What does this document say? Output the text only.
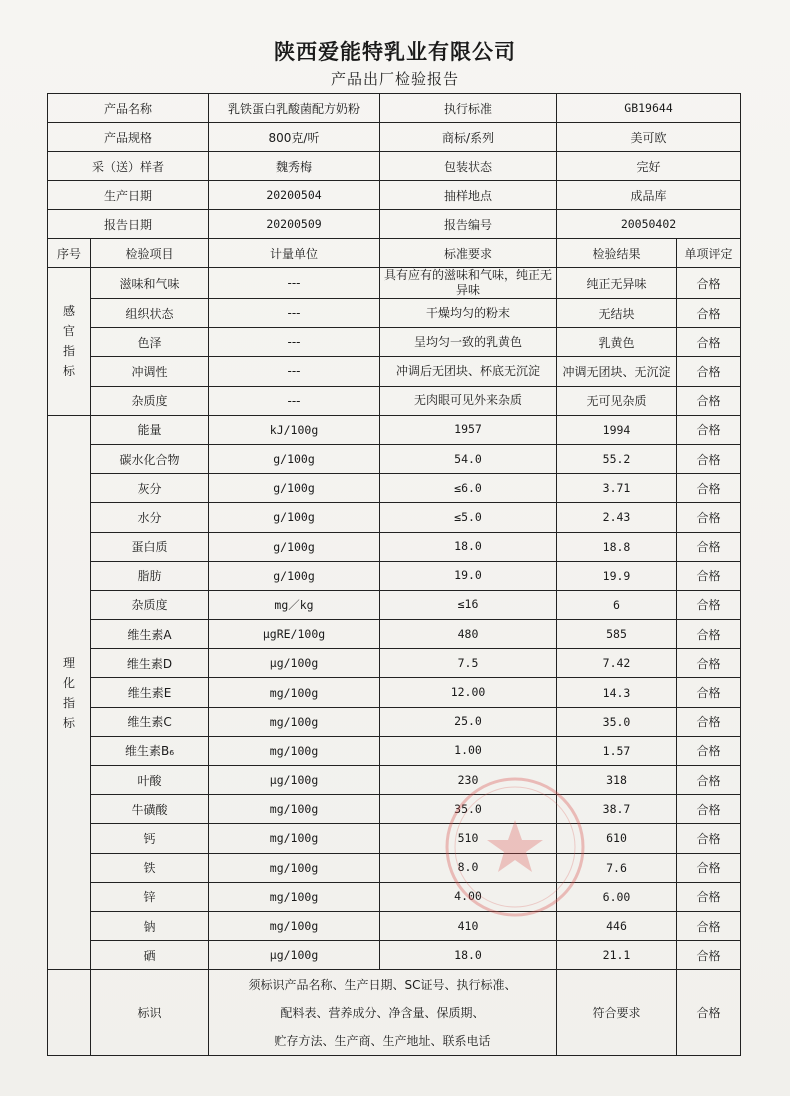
陕西爱能特乳业有限公司
产品出厂检验报告
产品名称		乳铁蛋白乳酸菌配方奶粉	执行标准	GB19644	
产品规格		800克/听	商标/系列	美可欧	
采（送）样者		魏秀梅	包装状态	完好	
生产日期		20200504	抽样地点	成品库	
报告日期		20200509	报告编号	20050402	
序号	检验项目	计量单位	标准要求	检验结果	单项评定

感
官
指
标	滋味和气味	---	具有应有的滋味和气味，纯正无异味	纯正无异味	合格
	组织状态	---	干燥均匀的粉末	无结块	合格
	色泽	---	呈均匀一致的乳黄色	乳黄色	合格
	冲调性	---	冲调后无团块、杯底无沉淀	冲调无团块、无沉淀	合格
	杂质度	---	无肉眼可见外来杂质	无可见杂质	合格

理
化
指
标	能量	kJ/100g	1957	1994	合格
	碳水化合物	g/100g	54.0	55.2	合格
	灰分	g/100g	≤6.0	3.71	合格
	水分	g/100g	≤5.0	2.43	合格
	蛋白质	g/100g	18.0	18.8	合格
	脂肪	g/100g	19.0	19.9	合格
	杂质度	mg／kg	≤16	6	合格
	维生素A	μgRE/100g	480	585	合格
	维生素D	μg/100g	7.5	7.42	合格
	维生素E	mg/100g	12.00	14.3	合格
	维生素C	mg/100g	25.0	35.0	合格
	维生素B₆	mg/100g	1.00	1.57	合格
	叶酸	μg/100g	230	318	合格
	牛磺酸	mg/100g	35.0	38.7	合格
	钙	mg/100g	510	610	合格
	铁	mg/100g	8.0	7.6	合格
	锌	mg/100g	4.00	6.00	合格
	钠	mg/100g	410	446	合格
	硒	μg/100g	18.0	21.1	合格
	标识	须标识产品名称、生产日期、SC证号、执行标准、
配料表、营养成分、净含量、保质期、
贮存方法、生产商、生产地址、联系电话		符合要求	合格
